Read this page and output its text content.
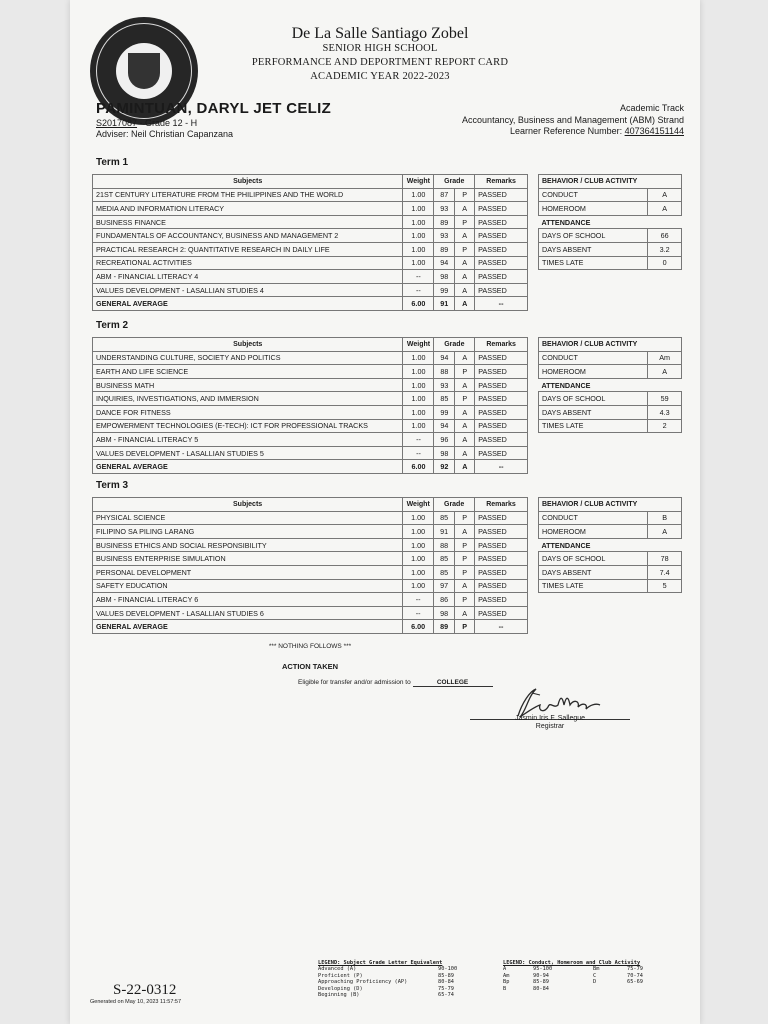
De La Salle Santiago Zobel
SENIOR HIGH SCHOOL
PERFORMANCE AND DEPORTMENT REPORT CARD
ACADEMIC YEAR 2022-2023
PAMINTUAN, DARYL JET CELIZ
S2017087 - Grade 12 - H
Adviser: Neil Christian Capanzana
Academic Track
Accountancy, Business and Management (ABM) Strand
Learner Reference Number: 407364151144
Term 1
Subjects	Weight	Grade		Remarks
21ST CENTURY LITERATURE FROM THE PHILIPPINES AND THE WORLD	1.00	87	P	PASSED
MEDIA AND INFORMATION LITERACY	1.00	93	A	PASSED
BUSINESS FINANCE	1.00	89	P	PASSED
FUNDAMENTALS OF ACCOUNTANCY, BUSINESS AND MANAGEMENT 2	1.00	93	A	PASSED
PRACTICAL RESEARCH 2: QUANTITATIVE RESEARCH IN DAILY LIFE	1.00	89	P	PASSED
RECREATIONAL ACTIVITIES	1.00	94	A	PASSED
ABM - FINANCIAL LITERACY 4	--	98	A	PASSED
VALUES DEVELOPMENT - LASALLIAN STUDIES 4	--	99	A	PASSED
GENERAL AVERAGE	6.00	91	A	--
BEHAVIOR / CLUB ACTIVITY	
CONDUCT	A
HOMEROOM	A
ATTENDANCE	
DAYS OF SCHOOL	66
DAYS ABSENT	3.2
TIMES LATE	0
Term 2
Subjects	Weight	Grade		Remarks
UNDERSTANDING CULTURE, SOCIETY AND POLITICS	1.00	94	A	PASSED
EARTH AND LIFE SCIENCE	1.00	88	P	PASSED
BUSINESS MATH	1.00	93	A	PASSED
INQUIRIES, INVESTIGATIONS, AND IMMERSION	1.00	85	P	PASSED
DANCE FOR FITNESS	1.00	99	A	PASSED
EMPOWERMENT TECHNOLOGIES (E-TECH): ICT FOR PROFESSIONAL TRACKS	1.00	94	A	PASSED
ABM - FINANCIAL LITERACY 5	--	96	A	PASSED
VALUES DEVELOPMENT - LASALLIAN STUDIES 5	--	98	A	PASSED
GENERAL AVERAGE	6.00	92	A	--
BEHAVIOR / CLUB ACTIVITY	
CONDUCT	Am
HOMEROOM	A
ATTENDANCE	
DAYS OF SCHOOL	59
DAYS ABSENT	4.3
TIMES LATE	2
Term 3
Subjects	Weight	Grade		Remarks
PHYSICAL SCIENCE	1.00	85	P	PASSED
FILIPINO SA PILING LARANG	1.00	91	A	PASSED
BUSINESS ETHICS AND SOCIAL RESPONSIBILITY	1.00	88	P	PASSED
BUSINESS ENTERPRISE SIMULATION	1.00	85	P	PASSED
PERSONAL DEVELOPMENT	1.00	85	P	PASSED
SAFETY EDUCATION	1.00	97	A	PASSED
ABM - FINANCIAL LITERACY 6	--	86	P	PASSED
VALUES DEVELOPMENT - LASALLIAN STUDIES 6	--	98	A	PASSED
GENERAL AVERAGE	6.00	89	P	--
BEHAVIOR / CLUB ACTIVITY	
CONDUCT	B
HOMEROOM	A
ATTENDANCE	
DAYS OF SCHOOL	78
DAYS ABSENT	7.4
TIMES LATE	5
*** NOTHING FOLLOWS ***
ACTION TAKEN
Eligible for transfer and/or admission to	COLLEGE
Jasmin Iris F. Sallegue
Registrar
S-22-0312
Generated on May 10, 2023 11:57:57
LEGEND: Subject Grade Letter Equivalent
Advanced (A)	90-100
Proficient (P)	85-89
Approaching Proficiency (AP)	80-84
Developing (D)	75-79
Beginning (B)	65-74
LEGEND: Conduct, Homeroom and Club Activity
A	95-100	Bm	75-79
Am	90-94	C	70-74
Bp	85-89	D	65-69
B	80-84
